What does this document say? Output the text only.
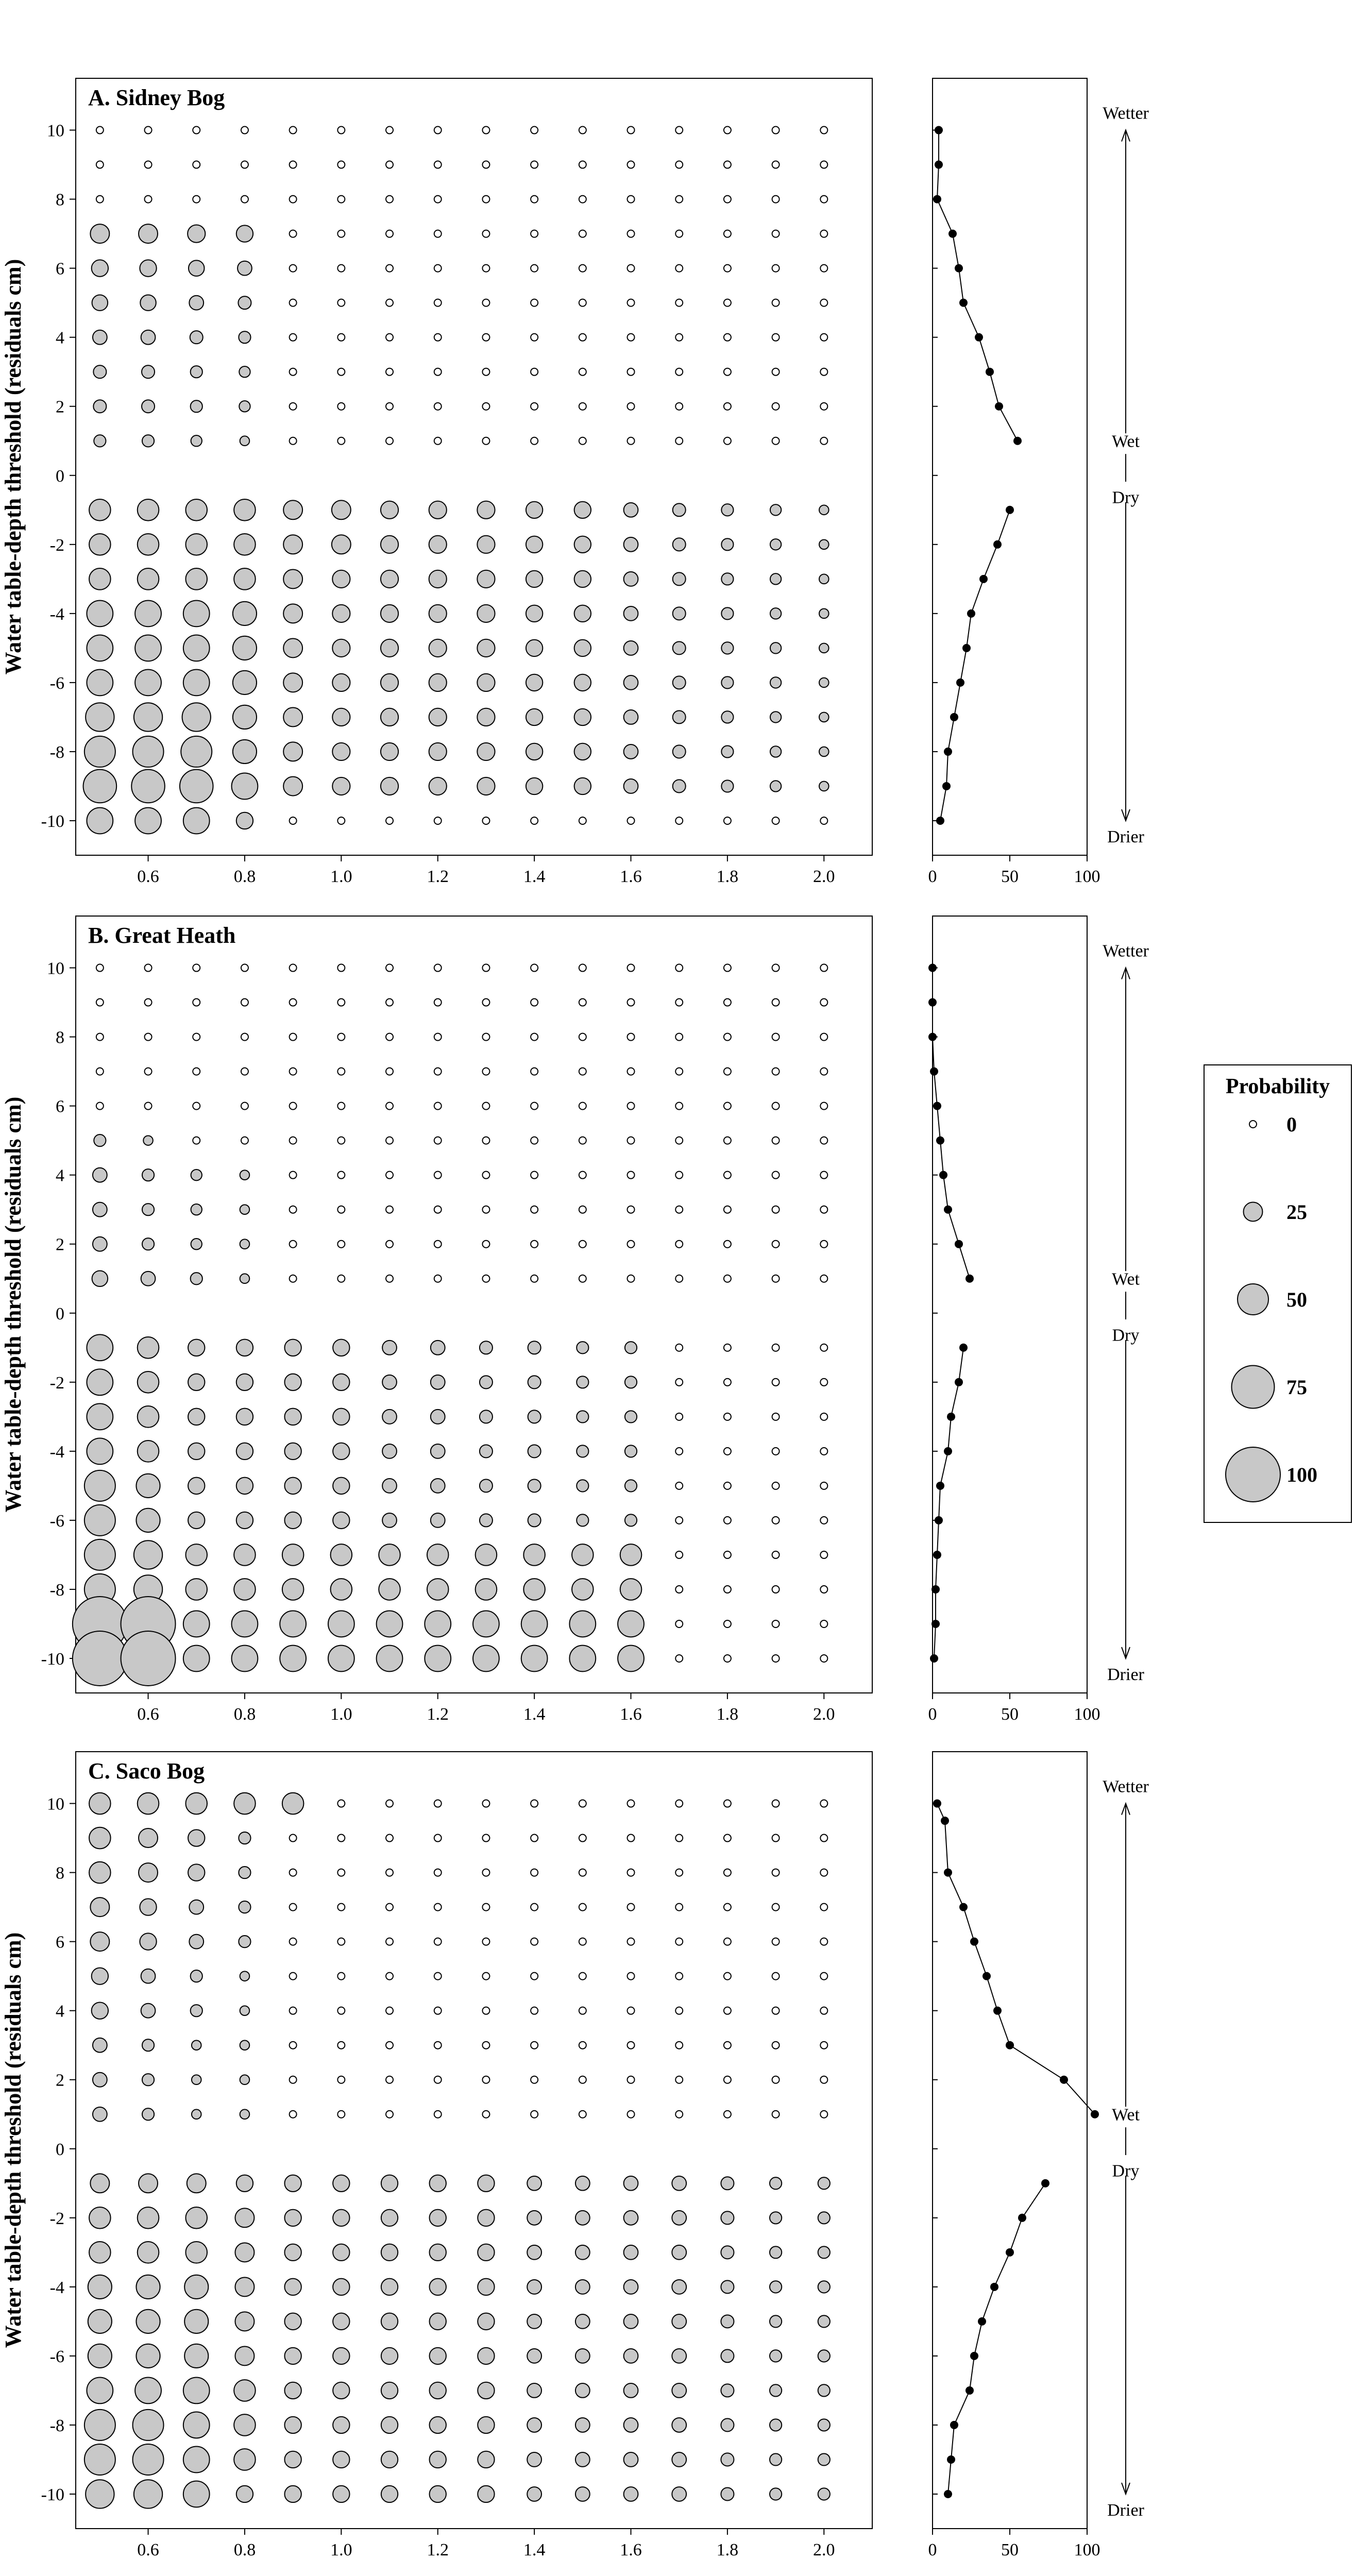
A. Sidney Bog
10
8
6
4
2
0
-2
-4
-6
-8
-10
0.6	0.8	1.0	1.2	1.4	1.6	1.8	2.0
Water table-depth threshold (residuals cm)
0	50	100
Wetter
Wet
Dry
Drier
B. Great Heath
10
8
6
4
2
0
-2
-4
-6
-8
-10
0.6	0.8	1.0	1.2	1.4	1.6	1.8	2.0
Water table-depth threshold (residuals cm)
0	50	100
Wetter
Wet
Dry
Drier
C. Saco Bog
10
8
6
4
2
0
-2
-4
-6
-8
-10
0.6	0.8	1.0	1.2	1.4	1.6	1.8	2.0
Water table-depth threshold (residuals cm)
0	50	100
Wetter
Wet
Dry
Drier
Probability
0
25
50
75
100
